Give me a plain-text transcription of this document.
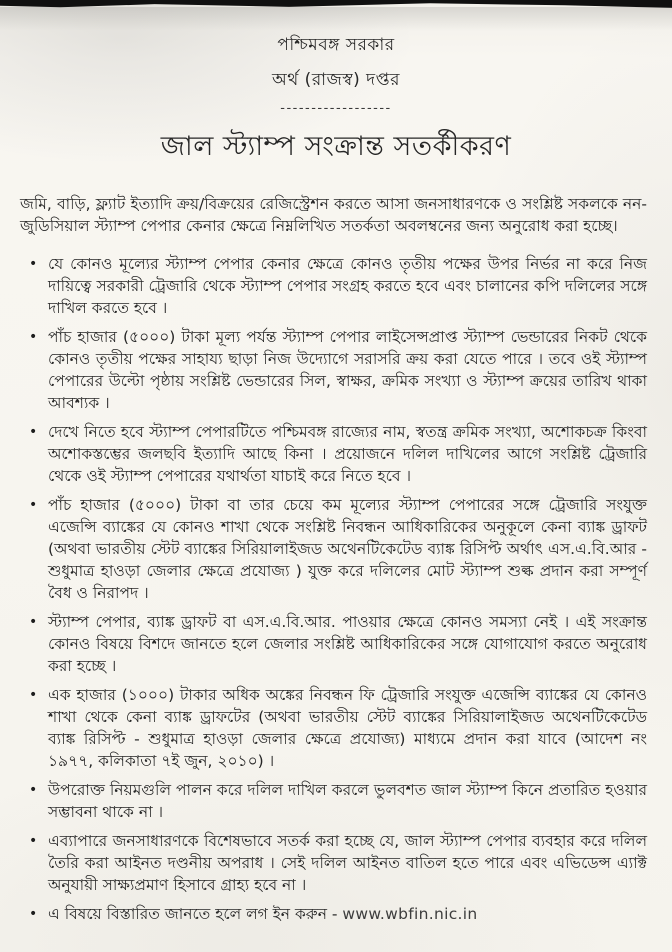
পশ্চিমবঙ্গ সরকার
অর্থ (রাজস্ব) দপ্তর
------------------
জাল স্ট্যাম্প সংক্রান্ত সতর্কীকরণ

জমি, বাড়ি, ফ্ল্যাট ইত্যাদি ক্রয়/বিক্রয়ের রেজিস্ট্রেশন করতে আসা জনসাধারণকে ও সংশ্লিষ্ট সকলকে নন-জুডিসিয়াল স্ট্যাম্প পেপার কেনার ক্ষেত্রে নিম্নলিখিত সতর্কতা অবলম্বনের জন্য অনুরোধ করা হচ্ছে।

• যে কোনও মূল্যের স্ট্যাম্প পেপার কেনার ক্ষেত্রে কোনও তৃতীয় পক্ষের উপর নির্ভর না করে নিজ দায়িত্বে সরকারী ট্রেজারি থেকে স্ট্যাম্প পেপার সংগ্রহ করতে হবে এবং চালানের কপি দলিলের সঙ্গে দাখিল করতে হবে ।
• পাঁচ হাজার (৫০০০) টাকা মূল্য পর্যন্ত স্ট্যাম্প পেপার লাইসেন্সপ্রাপ্ত স্ট্যাম্প ভেন্ডারের নিকট থেকে কোনও তৃতীয় পক্ষের সাহায্য ছাড়া নিজ উদ্যোগে সরাসরি ক্রয় করা যেতে পারে । তবে ওই স্ট্যাম্প পেপারের উল্টো পৃষ্ঠায় সংশ্লিষ্ট ভেন্ডারের সিল, স্বাক্ষর, ক্রমিক সংখ্যা ও স্ট্যাম্প ক্রয়ের তারিখ থাকা আবশ্যক ।
• দেখে নিতে হবে স্ট্যাম্প পেপারটিতে পশ্চিমবঙ্গ রাজ্যের নাম, স্বতন্ত্র ক্রমিক সংখ্যা, অশোকচক্র কিংবা অশোকস্তম্ভের জলছবি ইত্যাদি আছে কিনা । প্রয়োজনে দলিল দাখিলের আগে সংশ্লিষ্ট ট্রেজারি থেকে ওই স্ট্যাম্প পেপারের যথার্থতা যাচাই করে নিতে হবে ।
• পাঁচ হাজার (৫০০০) টাকা বা তার চেয়ে কম মূল্যের স্ট্যাম্প পেপারের সঙ্গে ট্রেজারি সংযুক্ত এজেন্সি ব্যাঙ্কের যে কোনও শাখা থেকে সংশ্লিষ্ট নিবন্ধন আধিকারিকের অনুকূলে কেনা ব্যাঙ্ক ড্রাফট (অথবা ভারতীয় স্টেট ব্যাঙ্কের সিরিয়ালাইজড অথেনটিকেটেড ব্যাঙ্ক রিসিপ্ট অর্থাৎ এস.এ.বি.আর - শুধুমাত্র হাওড়া জেলার ক্ষেত্রে প্রযোজ্য ) যুক্ত করে দলিলের মোট স্ট্যাম্প শুল্ক প্রদান করা সম্পূর্ণ বৈধ ও নিরাপদ ।
• স্ট্যাম্প পেপার, ব্যাঙ্ক ড্রাফট বা এস.এ.বি.আর. পাওয়ার ক্ষেত্রে কোনও সমস্যা নেই । এই সংক্রান্ত কোনও বিষয়ে বিশদে জানতে হলে জেলার সংশ্লিষ্ট আধিকারিকের সঙ্গে যোগাযোগ করতে অনুরোধ করা হচ্ছে ।
• এক হাজার (১০০০) টাকার অধিক অঙ্কের নিবন্ধন ফি ট্রেজারি সংযুক্ত এজেন্সি ব্যাঙ্কের যে কোনও শাখা থেকে কেনা ব্যাঙ্ক ড্রাফটের (অথবা ভারতীয় স্টেট ব্যাঙ্কের সিরিয়ালাইজড অথেনটিকেটেড ব্যাঙ্ক রিসিপ্ট - শুধুমাত্র হাওড়া জেলার ক্ষেত্রে প্রযোজ্য) মাধ্যমে প্রদান করা যাবে (আদেশ নং ১৯৭৭, কলিকাতা ৭ই জুন, ২০১০) ।
• উপরোক্ত নিয়মগুলি পালন করে দলিল দাখিল করলে ভুলবশত জাল স্ট্যাম্প কিনে প্রতারিত হওয়ার সম্ভাবনা থাকে না ।
• এব্যাপারে জনসাধারণকে বিশেষভাবে সতর্ক করা হচ্ছে যে, জাল স্ট্যাম্প পেপার ব্যবহার করে দলিল তৈরি করা আইনত দণ্ডনীয় অপরাধ । সেই দলিল আইনত বাতিল হতে পারে এবং এভিডেন্স এ্যাক্ট অনুযায়ী সাক্ষ্যপ্রমাণ হিসাবে গ্রাহ্য হবে না ।
• এ বিষয়ে বিস্তারিত জানতে হলে লগ ইন করুন - www.wbfin.nic.in
